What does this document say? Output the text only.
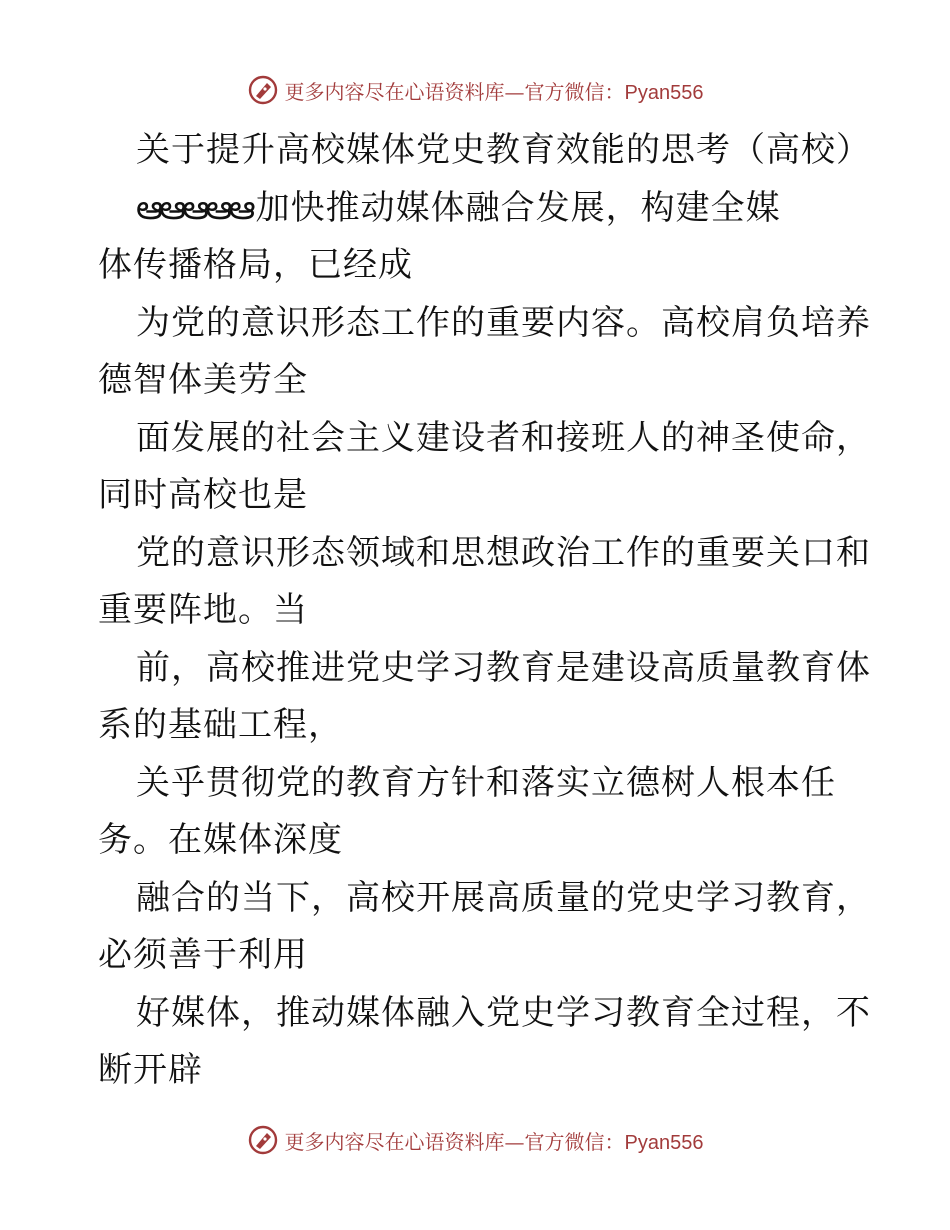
更多内容尽在心语资料库—官方微信：Pyan556
关于提升高校媒体党史教育效能的思考（高校）
ఆఆఆఆఆ 加快推动媒体融合发展，构建全媒
体传播格局，已经成
为党的意识形态工作的重要内容。高校肩负培养
德智体美劳全
面发展的社会主义建设者和接班人的神圣使命，
同时高校也是
党的意识形态领域和思想政治工作的重要关口和
重要阵地。当
前，高校推进党史学习教育是建设高质量教育体
系的基础工程，
关乎贯彻党的教育方针和落实立德树人根本任
务。在媒体深度
融合的当下，高校开展高质量的党史学习教育，
必须善于利用
好媒体，推动媒体融入党史学习教育全过程，不
断开辟
更多内容尽在心语资料库—官方微信：Pyan556
